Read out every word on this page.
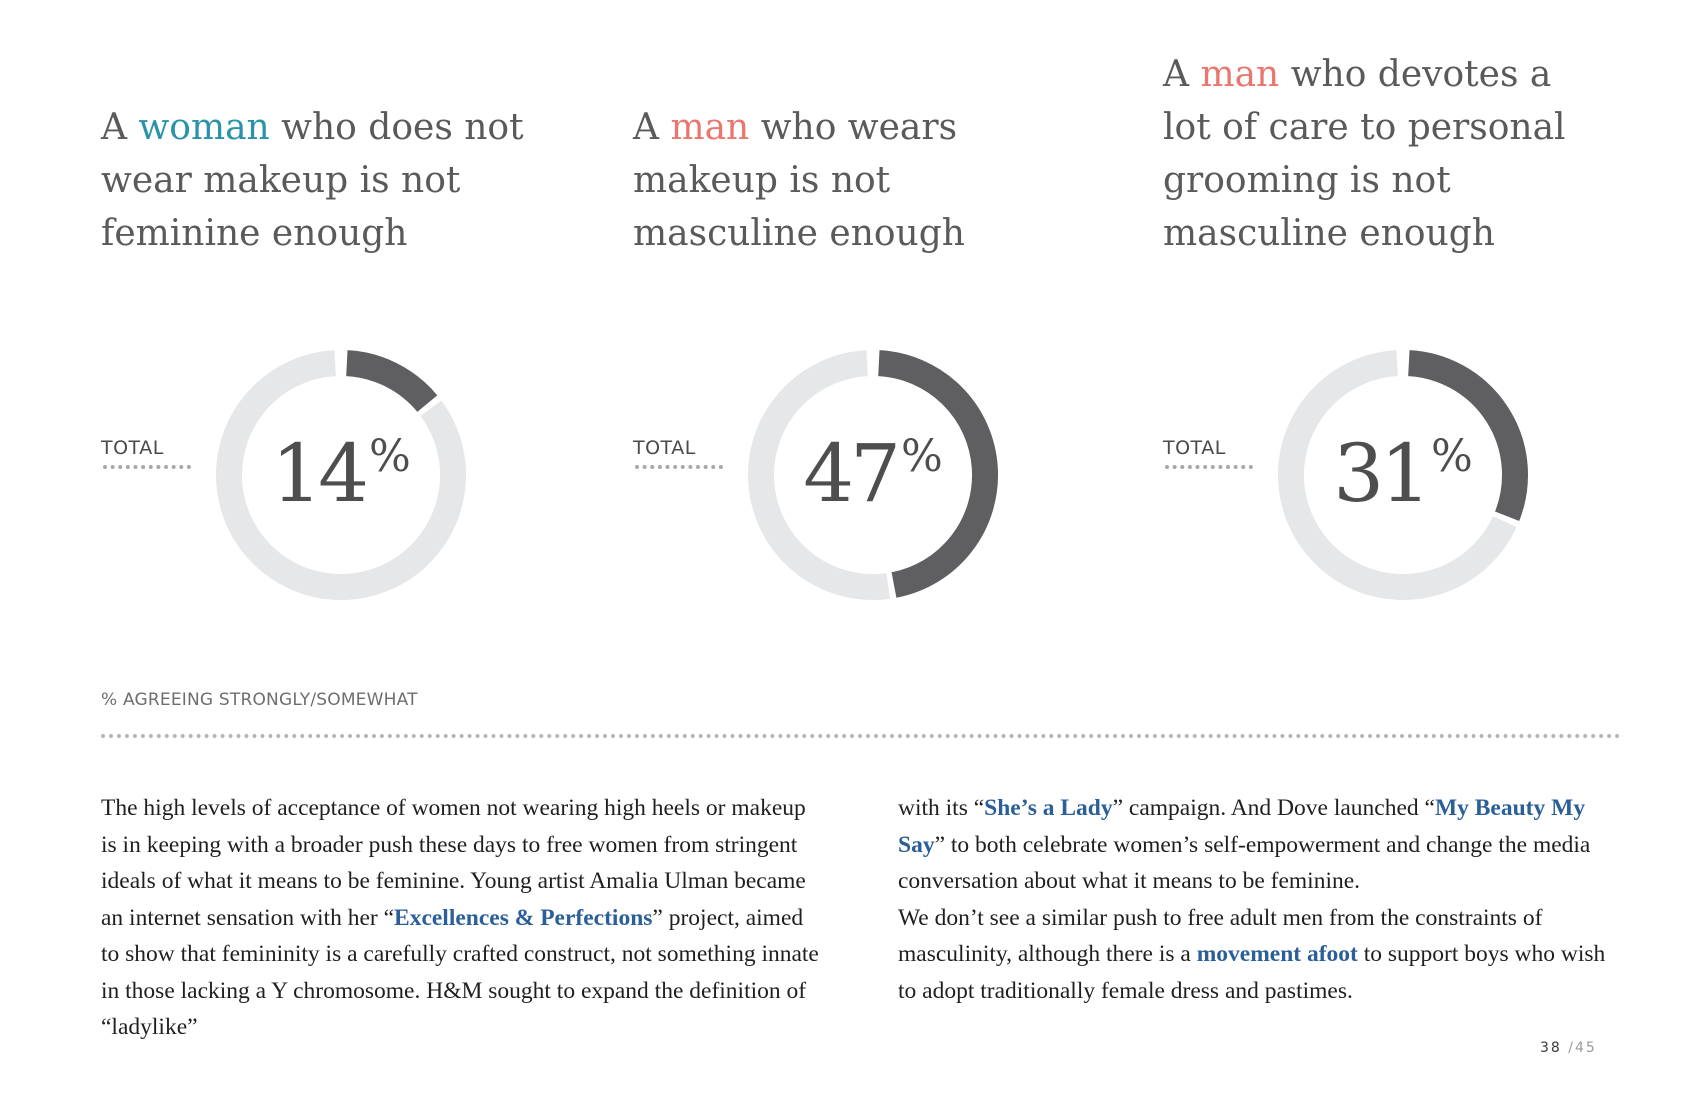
A woman who does not wear makeup is not feminine enough
TOTAL 14%
A man who wears makeup is not masculine enough
TOTAL 47%
A man who devotes a lot of care to personal grooming is not masculine enough
TOTAL 31%
% AGREEING STRONGLY/SOMEWHAT
The high levels of acceptance of women not wearing high heels or makeup is in keeping with a broader push these days to free women from stringent ideals of what it means to be feminine. Young artist Amalia Ulman became an internet sensation with her “Excellences & Perfections” project, aimed to show that femininity is a carefully crafted construct, not something innate in those lacking a Y chromosome. H&M sought to expand the definition of “ladylike”
with its “She’s a Lady” campaign. And Dove launched “My Beauty My Say” to both celebrate women’s self-empowerment and change the media conversation about what it means to be feminine.
We don’t see a similar push to free adult men from the constraints of masculinity, although there is a movement afoot to support boys who wish to adopt traditionally female dress and pastimes.
38 /45
